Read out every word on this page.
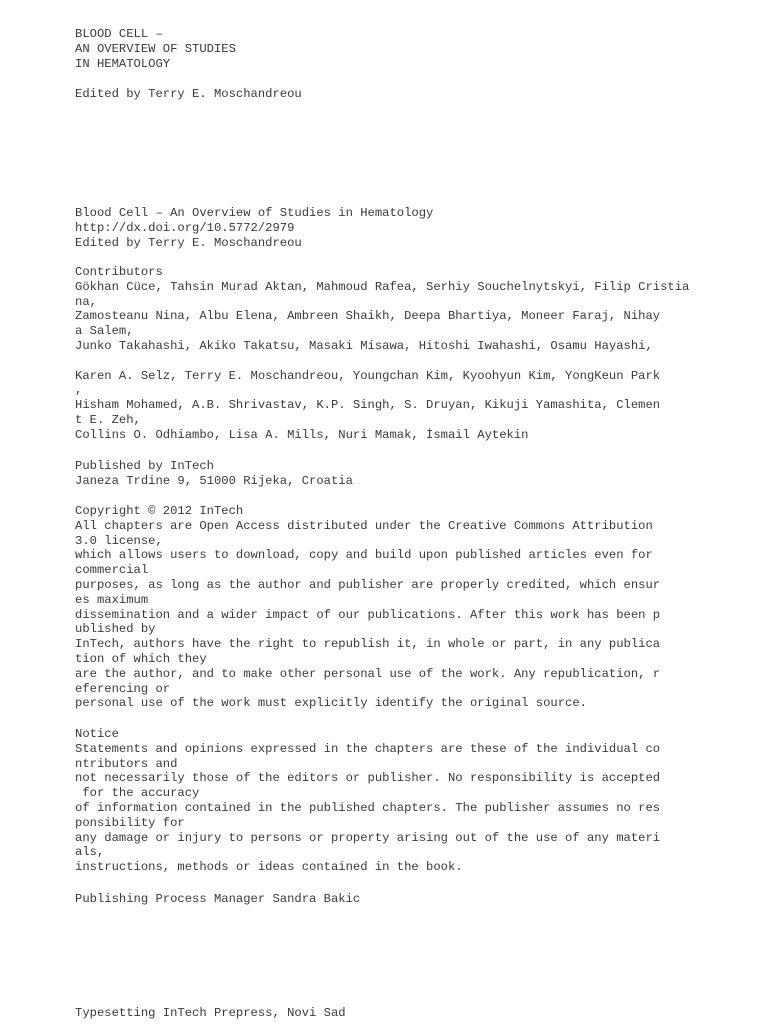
BLOOD CELL –
AN OVERVIEW OF STUDIES
IN HEMATOLOGY
Edited by Terry E. Moschandreou
Blood Cell – An Overview of Studies in Hematology
http://dx.doi.org/10.5772/2979
Edited by Terry E. Moschandreou
Contributors
Gökhan Cüce, Tahsin Murad Aktan, Mahmoud Rafea, Serhiy Souchelnytskyi, Filip Cristia
na,
Zamosteanu Nina, Albu Elena, Ambreen Shaikh, Deepa Bhartiya, Moneer Faraj, Nihay
a Salem,
Junko Takahashi, Akiko Takatsu, Masaki Misawa, Hitoshi Iwahashi, Osamu Hayashi,
Karen A. Selz, Terry E. Moschandreou, Youngchan Kim, Kyoohyun Kim, YongKeun Park
,
Hisham Mohamed, A.B. Shrivastav, K.P. Singh, S. Druyan, Kikuji Yamashita, Clemen
t E. Zeh,
Collins O. Odhiambo, Lisa A. Mills, Nuri Mamak, İsmail Aytekin
Published by InTech
Janeza Trdine 9, 51000 Rijeka, Croatia
Copyright © 2012 InTech
All chapters are Open Access distributed under the Creative Commons Attribution
3.0 license,
which allows users to download, copy and build upon published articles even for
commercial
purposes, as long as the author and publisher are properly credited, which ensur
es maximum
dissemination and a wider impact of our publications. After this work has been p
ublished by
InTech, authors have the right to republish it, in whole or part, in any publica
tion of which they
are the author, and to make other personal use of the work. Any republication, r
eferencing or
personal use of the work must explicitly identify the original source.
Notice
Statements and opinions expressed in the chapters are these of the individual co
ntributors and
not necessarily those of the editors or publisher. No responsibility is accepted
for the accuracy
of information contained in the published chapters. The publisher assumes no res
ponsibility for
any damage or injury to persons or property arising out of the use of any materi
als,
instructions, methods or ideas contained in the book.
Publishing Process Manager Sandra Bakic
Typesetting InTech Prepress, Novi Sad
